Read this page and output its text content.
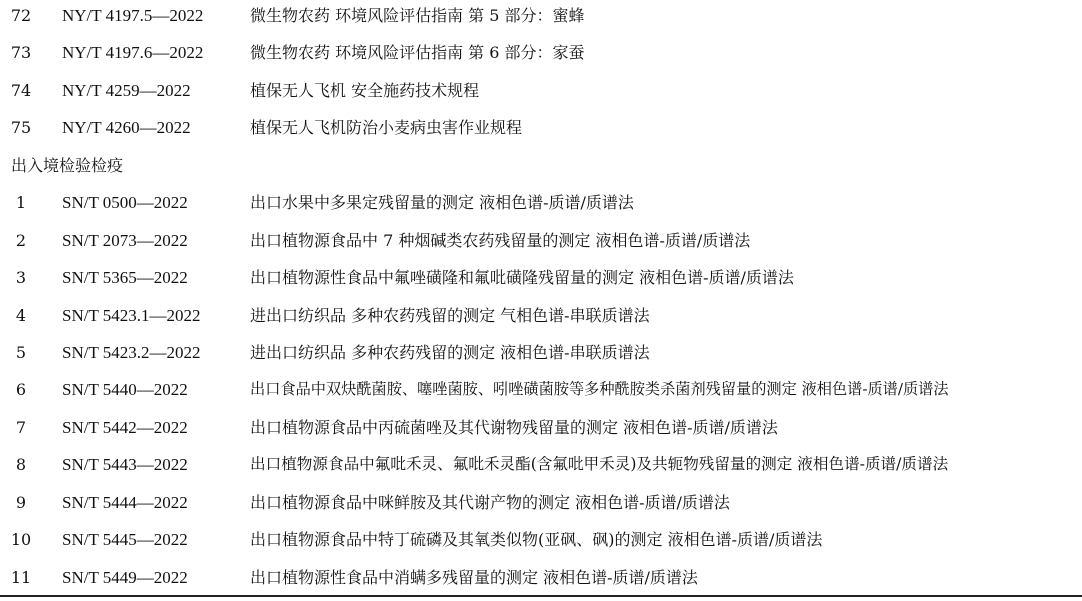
72	NY/T 4197.5—2022	微生物农药 环境风险评估指南 第 5 部分：蜜蜂
73	NY/T 4197.6—2022	微生物农药 环境风险评估指南 第 6 部分：家蚕
74	NY/T 4259—2022	植保无人飞机 安全施药技术规程
75	NY/T 4260—2022	植保无人飞机防治小麦病虫害作业规程
出入境检验检疫
1	SN/T 0500—2022	出口水果中多果定残留量的测定 液相色谱-质谱/质谱法
2	SN/T 2073—2022	出口植物源食品中 7 种烟碱类农药残留量的测定 液相色谱-质谱/质谱法
3	SN/T 5365—2022	出口植物源性食品中氟唑磺隆和氟吡磺隆残留量的测定 液相色谱-质谱/质谱法
4	SN/T 5423.1—2022	进出口纺织品 多种农药残留的测定 气相色谱-串联质谱法
5	SN/T 5423.2—2022	进出口纺织品 多种农药残留的测定 液相色谱-串联质谱法
6	SN/T 5440—2022	出口食品中双炔酰菌胺、噻唑菌胺、吲唑磺菌胺等多种酰胺类杀菌剂残留量的测定 液相色谱-质谱/质谱法
7	SN/T 5442—2022	出口植物源食品中丙硫菌唑及其代谢物残留量的测定 液相色谱-质谱/质谱法
8	SN/T 5443—2022	出口植物源食品中氟吡禾灵、氟吡禾灵酯(含氟吡甲禾灵)及共轭物残留量的测定 液相色谱-质谱/质谱法
9	SN/T 5444—2022	出口植物源食品中咪鲜胺及其代谢产物的测定 液相色谱-质谱/质谱法
10	SN/T 5445—2022	出口植物源食品中特丁硫磷及其氧类似物(亚砜、砜)的测定 液相色谱-质谱/质谱法
11	SN/T 5449—2022	出口植物源性食品中消螨多残留量的测定 液相色谱-质谱/质谱法
